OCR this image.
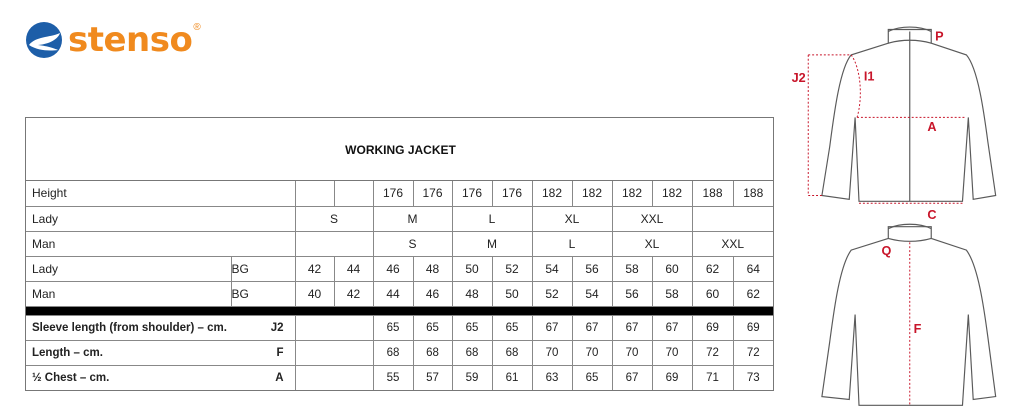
stenso ®
WORKING JACKET
Height				176	176	176	176	182	182	182	182	188	188
Lady		S		M		L		XL		XXL			
Man				S		M		L		XL		XXL	
Lady	BG	42	44	46	48	50	52	54	56	58	60	62	64
Man	BG	40	42	44	46	48	50	52	54	56	58	60	62

Sleeve length (from shoulder) – cm. J2				65	65	65	65	67	67	67	67	69	69
Length – cm. F				68	68	68	68	70	70	70	70	72	72
½ Chest – cm. A				55	57	59	61	63	65	67	69	71	73
P
J2	I1
A
C
Q
F
